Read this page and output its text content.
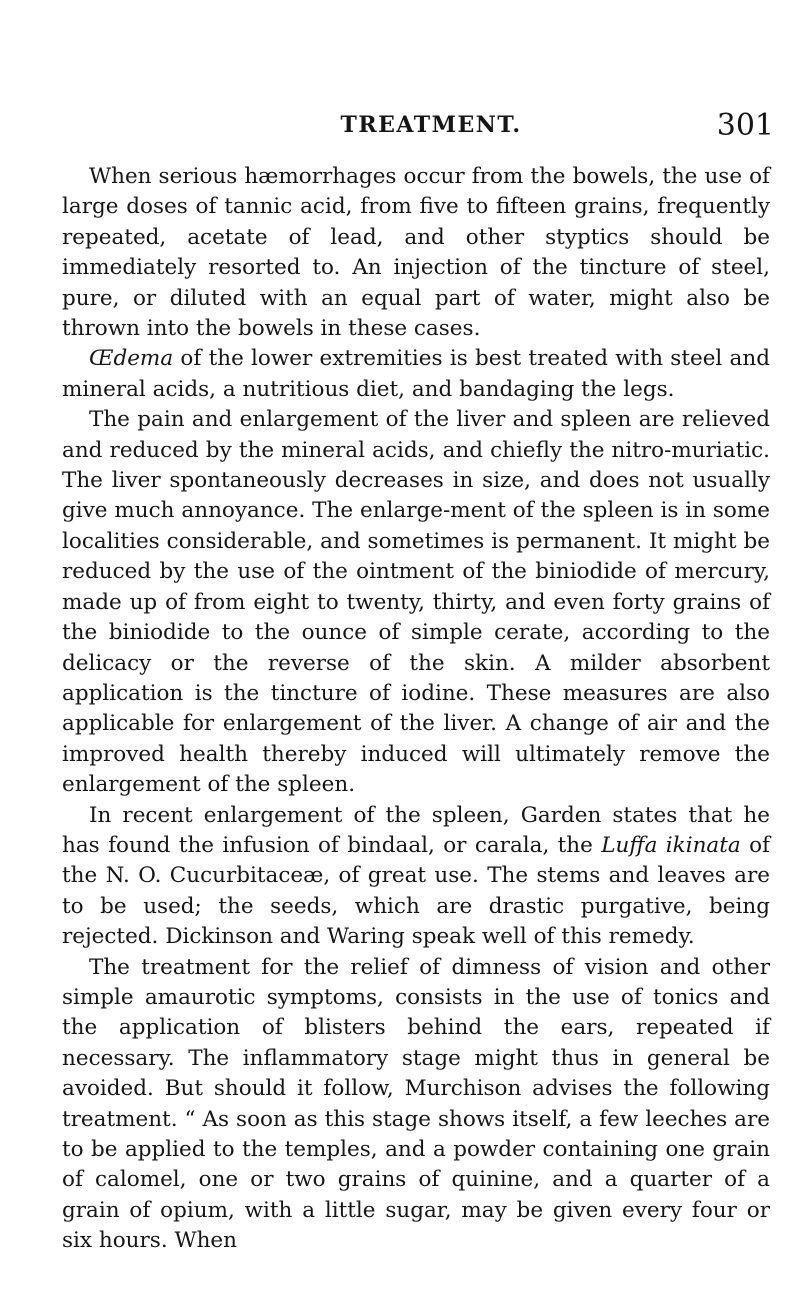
TREATMENT.	301

When serious hæmorrhages occur from the bowels, the use of large doses of tannic acid, from five to fifteen grains, frequently repeated, acetate of lead, and other styptics should be immediately resorted to. An injection of the tincture of steel, pure, or diluted with an equal part of water, might also be thrown into the bowels in these cases.

Œdema of the lower extremities is best treated with steel and mineral acids, a nutritious diet, and bandaging the legs.

The pain and enlargement of the liver and spleen are relieved and reduced by the mineral acids, and chiefly the nitro-muriatic. The liver spontaneously decreases in size, and does not usually give much annoyance. The enlarge-ment of the spleen is in some localities considerable, and sometimes is permanent. It might be reduced by the use of the ointment of the biniodide of mercury, made up of from eight to twenty, thirty, and even forty grains of the biniodide to the ounce of simple cerate, according to the delicacy or the reverse of the skin. A milder absorbent application is the tincture of iodine. These measures are also applicable for enlargement of the liver. A change of air and the improved health thereby induced will ultimately remove the enlargement of the spleen.

In recent enlargement of the spleen, Garden states that he has found the infusion of bindaal, or carala, the Luffa ikinata of the N. O. Cucurbitaceæ, of great use. The stems and leaves are to be used; the seeds, which are drastic purgative, being rejected. Dickinson and Waring speak well of this remedy.

The treatment for the relief of dimness of vision and other simple amaurotic symptoms, consists in the use of tonics and the application of blisters behind the ears, repeated if necessary. The inflammatory stage might thus in general be avoided. But should it follow, Murchison advises the following treatment. “ As soon as this stage shows itself, a few leeches are to be applied to the temples, and a powder containing one grain of calomel, one or two grains of quinine, and a quarter of a grain of opium, with a little sugar, may be given every four or six hours. When
